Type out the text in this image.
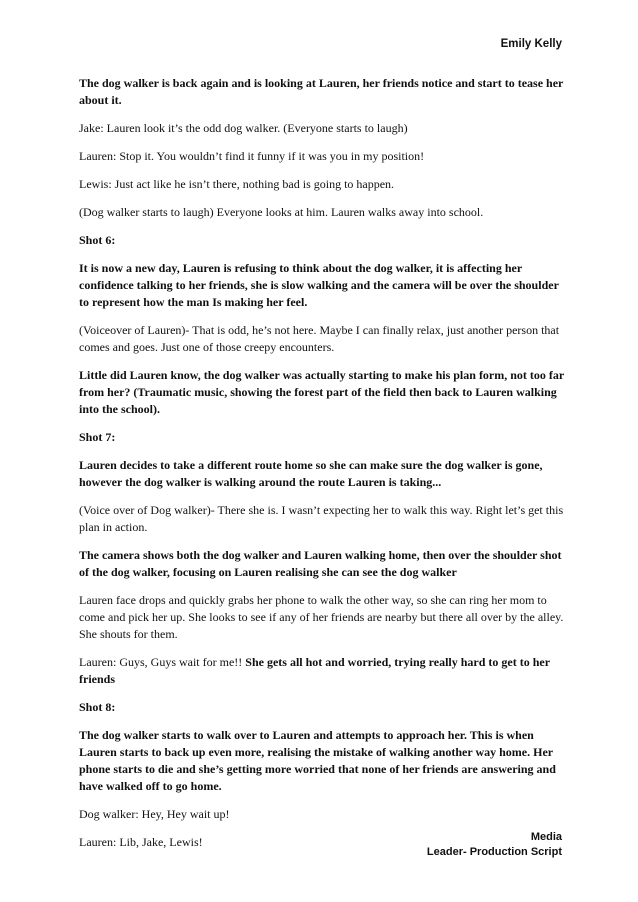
Emily Kelly

The dog walker is back again and is looking at Lauren, her friends notice and start to tease her about it.

Jake: Lauren look it’s the odd dog walker. (Everyone starts to laugh)

Lauren: Stop it. You wouldn’t find it funny if it was you in my position!

Lewis: Just act like he isn’t there, nothing bad is going to happen.

(Dog walker starts to laugh) Everyone looks at him. Lauren walks away into school.

Shot 6:

It is now a new day, Lauren is refusing to think about the dog walker, it is affecting her confidence talking to her friends, she is slow walking and the camera will be over the shoulder to represent how the man Is making her feel.

(Voiceover of Lauren)- That is odd, he’s not here. Maybe I can finally relax, just another person that comes and goes. Just one of those creepy encounters.

Little did Lauren know, the dog walker was actually starting to make his plan form, not too far from her? (Traumatic music, showing the forest part of the field then back to Lauren walking into the school).

Shot 7:

Lauren decides to take a different route home so she can make sure the dog walker is gone, however the dog walker is walking around the route Lauren is taking...

(Voice over of Dog walker)- There she is. I wasn’t expecting her to walk this way. Right let’s get this plan in action.

The camera shows both the dog walker and Lauren walking home, then over the shoulder shot of the dog walker, focusing on Lauren realising she can see the dog walker

Lauren face drops and quickly grabs her phone to walk the other way, so she can ring her mom to come and pick her up. She looks to see if any of her friends are nearby but there all over by the alley. She shouts for them.

Lauren: Guys, Guys wait for me!! She gets all hot and worried, trying really hard to get to her friends

Shot 8:

The dog walker starts to walk over to Lauren and attempts to approach her. This is when Lauren starts to back up even more, realising the mistake of walking another way home. Her phone starts to die and she’s getting more worried that none of her friends are answering and have walked off to go home.

Dog walker: Hey, Hey wait up!

Lauren: Lib, Jake, Lewis!	Media
Leader- Production Script
